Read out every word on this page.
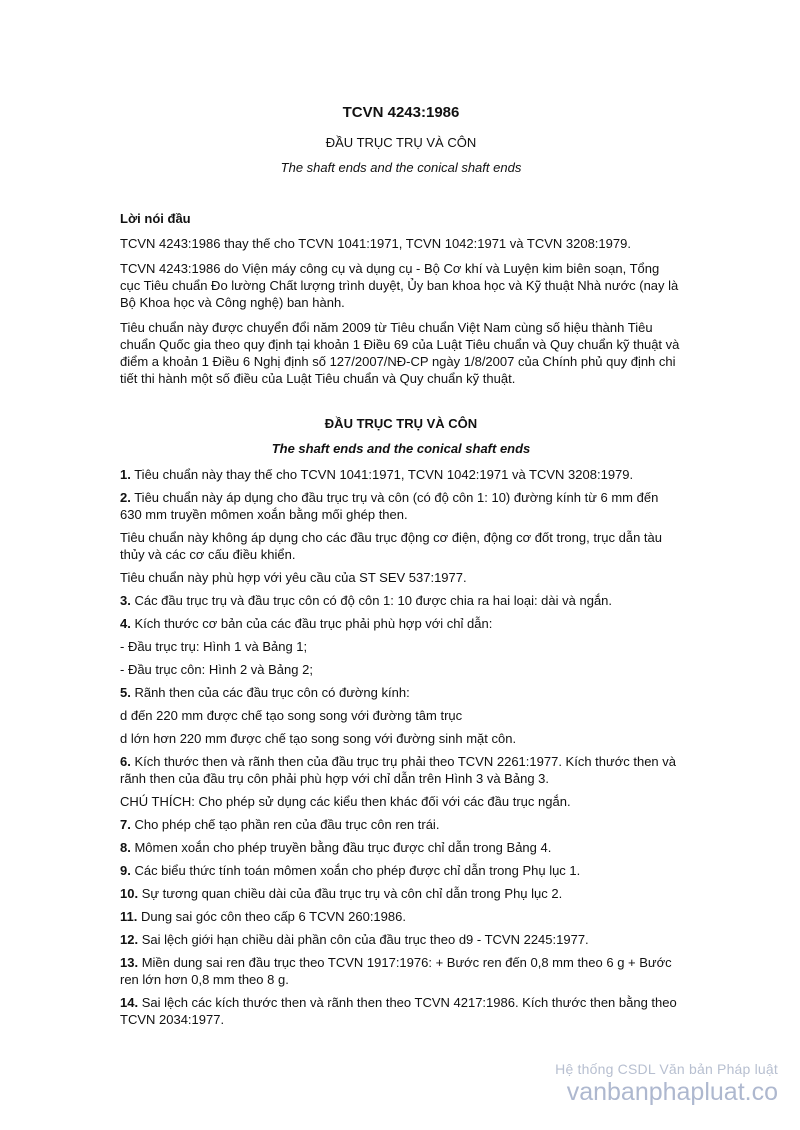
TCVN 4243:1986
ĐẦU TRỤC TRỤ VÀ CÔN
The shaft ends and the conical shaft ends
Lời nói đầu

TCVN 4243:1986 thay thế cho TCVN 1041:1971, TCVN 1042:1971 và TCVN 3208:1979.

TCVN 4243:1986 do Viện máy công cụ và dụng cụ - Bộ Cơ khí và Luyện kim biên soạn, Tổng cục Tiêu chuẩn Đo lường Chất lượng trình duyệt, Ủy ban khoa học và Kỹ thuật Nhà nước (nay là Bộ Khoa học và Công nghệ) ban hành.

Tiêu chuẩn này được chuyển đổi năm 2009 từ Tiêu chuẩn Việt Nam cùng số hiệu thành Tiêu chuẩn Quốc gia theo quy định tại khoản 1 Điều 69 của Luật Tiêu chuẩn và Quy chuẩn kỹ thuật và điểm a khoản 1 Điều 6 Nghị định số 127/2007/NĐ-CP ngày 1/8/2007 của Chính phủ quy định chi tiết thi hành một số điều của Luật Tiêu chuẩn và Quy chuẩn kỹ thuật.

ĐẦU TRỤC TRỤ VÀ CÔN
The shaft ends and the conical shaft ends

1. Tiêu chuẩn này thay thế cho TCVN 1041:1971, TCVN 1042:1971 và TCVN 3208:1979.

2. Tiêu chuẩn này áp dụng cho đầu trục trụ và côn (có độ côn 1: 10) đường kính từ 6 mm đến 630 mm truyền mômen xoắn bằng mối ghép then.

Tiêu chuẩn này không áp dụng cho các đầu trục động cơ điện, động cơ đốt trong, trục dẫn tàu thủy và các cơ cấu điều khiển.

Tiêu chuẩn này phù hợp với yêu cầu của ST SEV 537:1977.

3. Các đầu trục trụ và đầu trục côn có độ côn 1: 10 được chia ra hai loại: dài và ngắn.

4. Kích thước cơ bản của các đầu trục phải phù hợp với chỉ dẫn:

- Đầu trục trụ: Hình 1 và Bảng 1;

- Đầu trục côn: Hình 2 và Bảng 2;

5. Rãnh then của các đầu trục côn có đường kính:

d đến 220 mm được chế tạo song song với đường tâm trục

d lớn hơn 220 mm được chế tạo song song với đường sinh mặt côn.

6. Kích thước then và rãnh then của đầu trục trụ phải theo TCVN 2261:1977. Kích thước then và rãnh then của đầu trụ côn phải phù hợp với chỉ dẫn trên Hình 3 và Bảng 3.

CHÚ THÍCH: Cho phép sử dụng các kiểu then khác đối với các đầu trục ngắn.

7. Cho phép chế tạo phần ren của đầu trục côn ren trái.

8. Mômen xoắn cho phép truyền bằng đầu trục được chỉ dẫn trong Bảng 4.

9. Các biểu thức tính toán mômen xoắn cho phép được chỉ dẫn trong Phụ lục 1.

10. Sự tương quan chiều dài của đầu trục trụ và côn chỉ dẫn trong Phụ lục 2.

11. Dung sai góc côn theo cấp 6 TCVN 260:1986.

12. Sai lệch giới hạn chiều dài phần côn của đầu trục theo d9 - TCVN 2245:1977.

13. Miền dung sai ren đầu trục theo TCVN 1917:1976: + Bước ren đến 0,8 mm theo 6 g + Bước ren lớn hơn 0,8 mm theo 8 g.

14. Sai lệch các kích thước then và rãnh then theo TCVN 4217:1986. Kích thước then bằng theo TCVN 2034:1977.

Hệ thống CSDL Văn bản Pháp luật
vanbanphapluat.co
